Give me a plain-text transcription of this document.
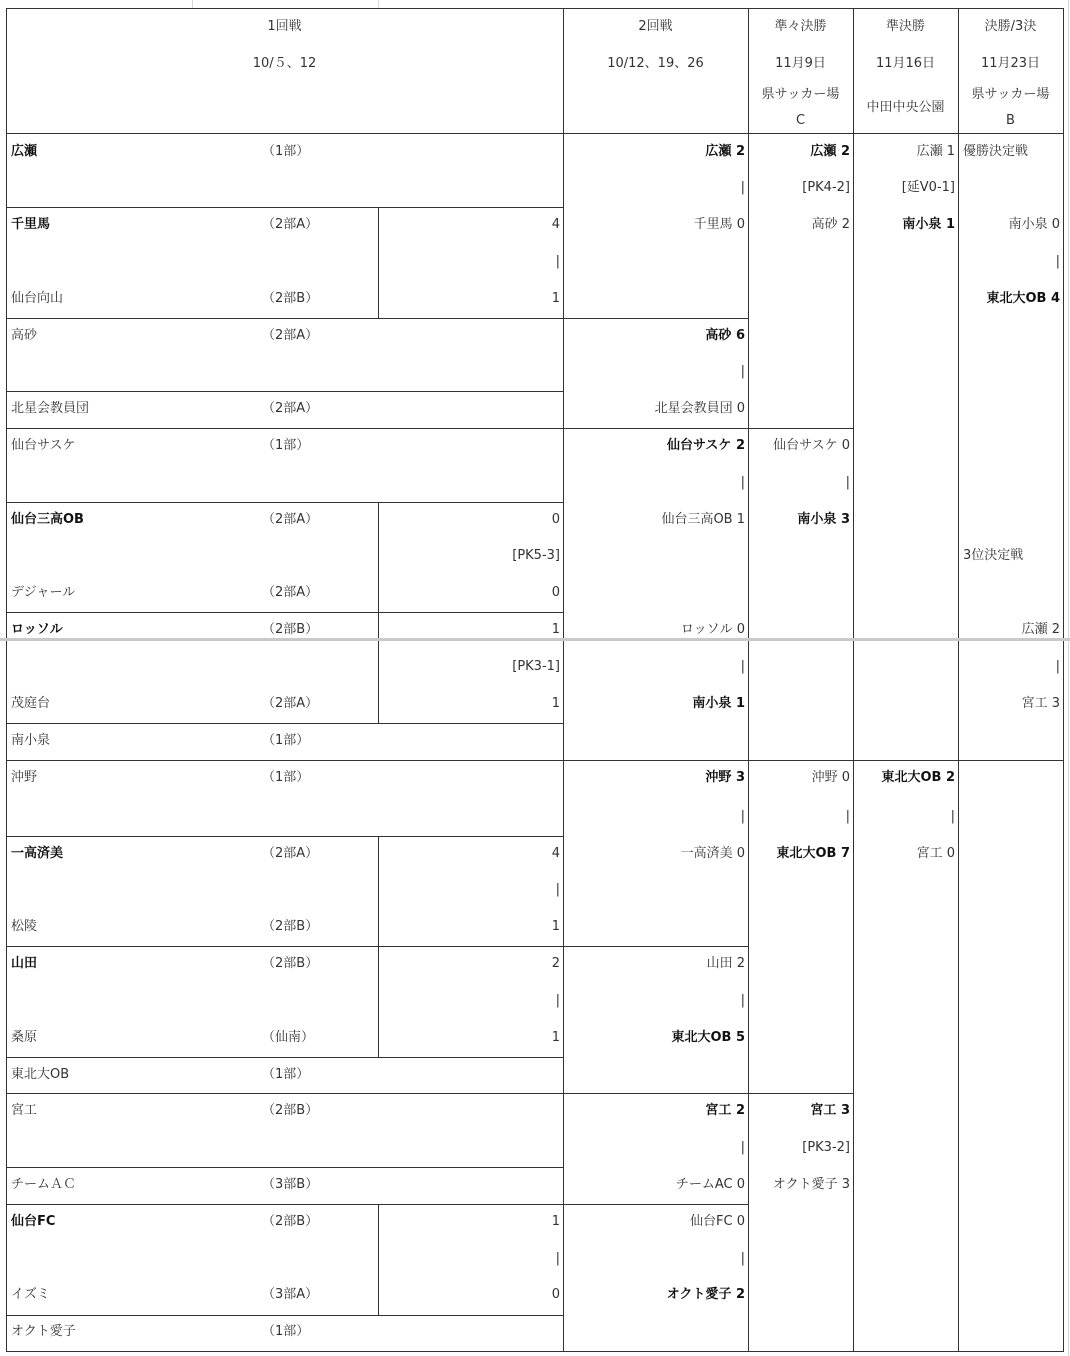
1回戦
10/５、12
2回戦
10/12、19、26
準々決勝
11月9日
県サッカー場
C
準決勝
11月16日
中田中央公園
決勝/3決
11月23日
県サッカー場
B
広瀬
千里馬
仙台向山
高砂
北星会教員団
仙台サスケ
仙台三高OB
デジャール
ロッソル
茂庭台
南小泉
沖野
一高済美
松陵
山田
桑原
東北大OB
宮工
チームＡＣ
仙台FC
イズミ
オクト愛子
（1部）
（2部A）
（2部B）
（2部A）
（2部A）
（1部）
（2部A）
（2部A）
（2部B）
（2部A）
（1部）
（1部）
（2部A）
（2部B）
（2部B）
（仙南）
（1部）
（2部B）
（3部B）
（2部B）
（3部A）
（1部）
4
|
1
0
[PK5-3]
0
1
[PK3-1]
1
4
|
1
2
|
1
1
|
0
広瀬 2
|
千里馬 0
高砂 6
|
北星会教員団 0
仙台サスケ 2
|
仙台三高OB 1
ロッソル 0
|
南小泉 1
沖野 3
|
一高済美 0
山田 2
|
東北大OB 5
宮工 2
|
チームAC 0
仙台FC 0
|
オクト愛子 2
広瀬 2
[PK4-2]
高砂 2
仙台サスケ 0
|
南小泉 3
沖野 0
|
東北大OB 7
宮工 3
[PK3-2]
オクト愛子 3
広瀬 1
[延V0-1]
南小泉 1
東北大OB 2
|
宮工 0
優勝決定戦
南小泉 0
|
東北大OB 4
3位決定戦
広瀬 2
|
宮工 3
